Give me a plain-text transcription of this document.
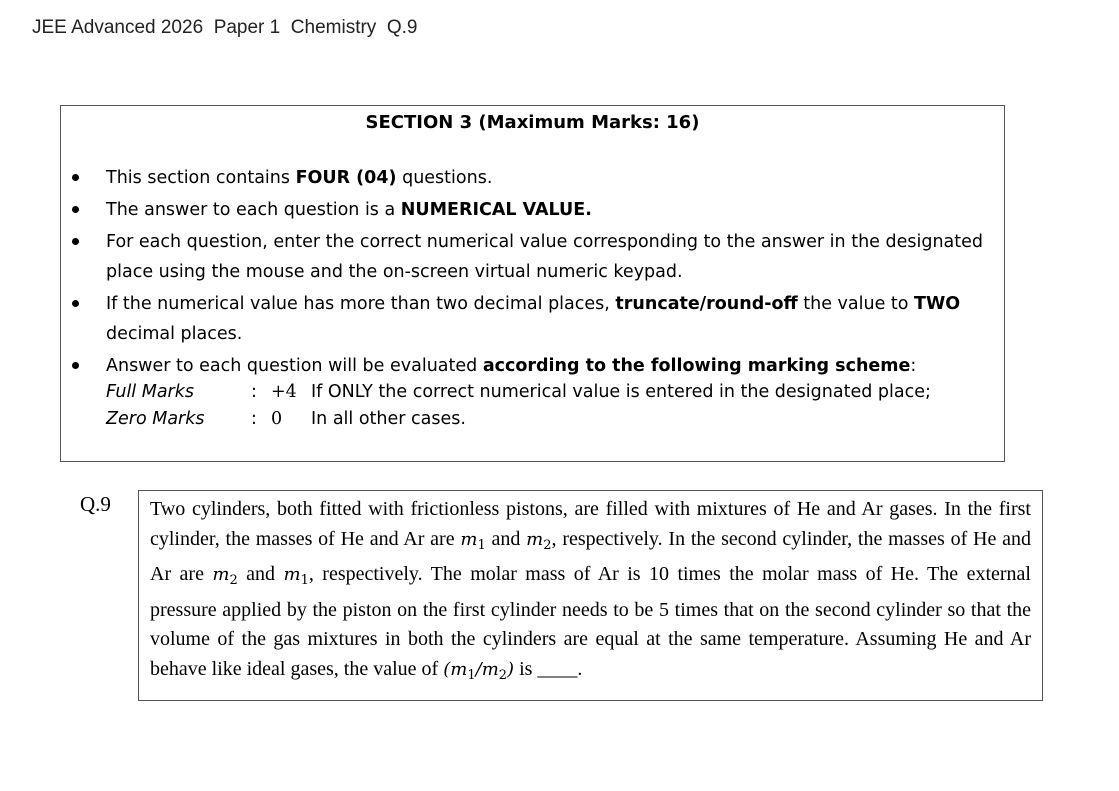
JEE Advanced 2026  Paper 1  Chemistry  Q.9
SECTION 3 (Maximum Marks: 16)
This section contains FOUR (04) questions.
The answer to each question is a NUMERICAL VALUE.
For each question, enter the correct numerical value corresponding to the answer in the designated place using the mouse and the on-screen virtual numeric keypad.
If the numerical value has more than two decimal places, truncate/round-off the value to TWO decimal places.
Answer to each question will be evaluated according to the following marking scheme:
Full Marks	: +4 If ONLY the correct numerical value is entered in the designated place;
Zero Marks	: 0	In all other cases.
Q.9	Two cylinders, both fitted with frictionless pistons, are filled with mixtures of He and Ar gases. In the first cylinder, the masses of He and Ar are $m_1$ and $m_2$, respectively. In the second cylinder, the masses of He and Ar are $m_2$ and $m_1$, respectively. The molar mass of Ar is 10 times the molar mass of He. The external pressure applied by the piston on the first cylinder needs to be 5 times that on the second cylinder so that the volume of the gas mixtures in both the cylinders are equal at the same temperature. Assuming He and Ar behave like ideal gases, the value of $(m_1/m_2)$ is ____.
